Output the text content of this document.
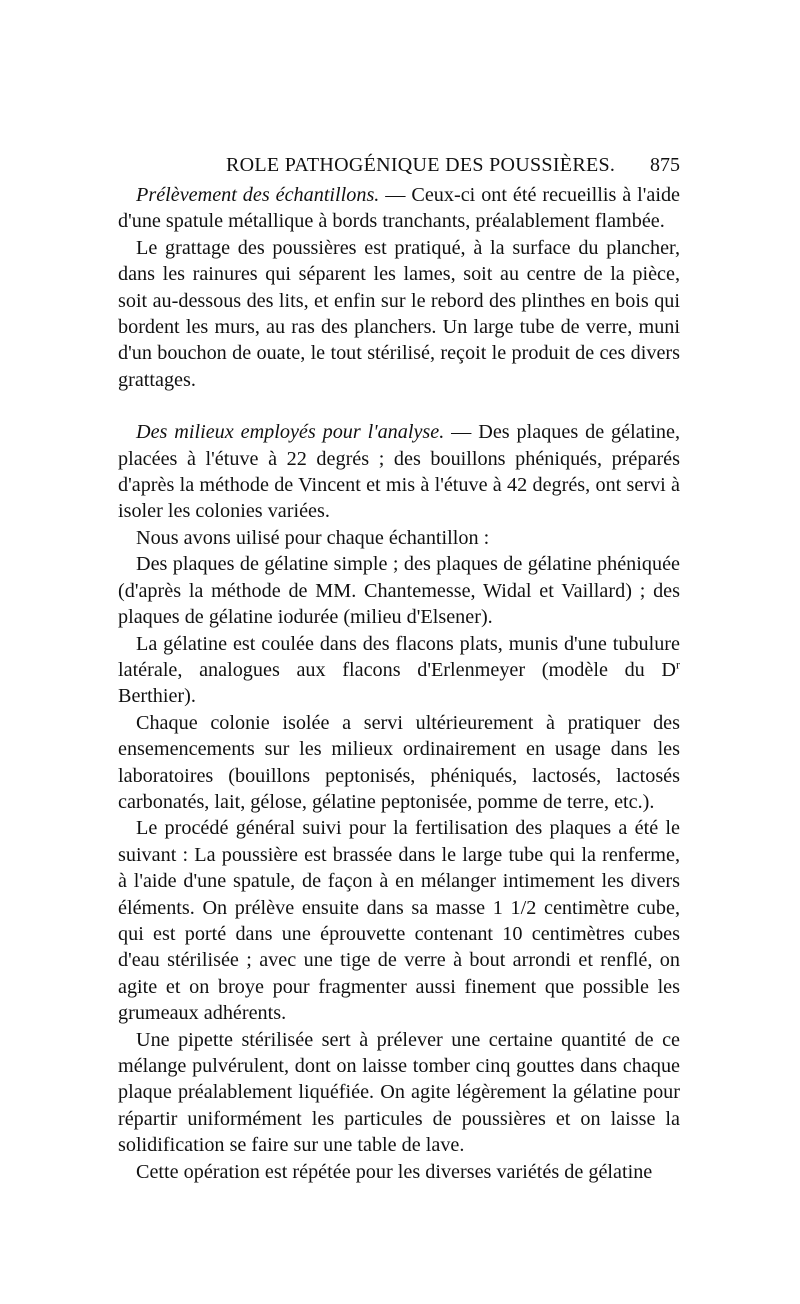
ROLE PATHOGÉNIQUE DES POUSSIÈRES. 875

Prélèvement des échantillons. — Ceux-ci ont été recueillis à l'aide d'une spatule métallique à bords tranchants, préalablement flambée.

Le grattage des poussières est pratiqué, à la surface du plancher, dans les rainures qui séparent les lames, soit au centre de la pièce, soit au-dessous des lits, et enfin sur le rebord des plinthes en bois qui bordent les murs, au ras des planchers. Un large tube de verre, muni d'un bouchon de ouate, le tout stérilisé, reçoit le produit de ces divers grattages.

Des milieux employés pour l'analyse. — Des plaques de gélatine, placées à l'étuve à 22 degrés ; des bouillons phéniqués, préparés d'après la méthode de Vincent et mis à l'étuve à 42 degrés, ont servi à isoler les colonies variées.

Nous avons uilisé pour chaque échantillon :

Des plaques de gélatine simple ; des plaques de gélatine phéniquée (d'après la méthode de MM. Chantemesse, Widal et Vaillard) ; des plaques de gélatine iodurée (milieu d'Elsener).

La gélatine est coulée dans des flacons plats, munis d'une tubulure latérale, analogues aux flacons d'Erlenmeyer (modèle du $D^r$ Berthier).

Chaque colonie isolée a servi ultérieurement à pratiquer des ensemencements sur les milieux ordinairement en usage dans les laboratoires (bouillons peptonisés, phéniqués, lactosés, lactosés carbonatés, lait, gélose, gélatine peptonisée, pomme de terre, etc.).

Le procédé général suivi pour la fertilisation des plaques a été le suivant : La poussière est brassée dans le large tube qui la renferme, à l'aide d'une spatule, de façon à en mélanger intimement les divers éléments. On prélève ensuite dans sa masse 1 1/2 centimètre cube, qui est porté dans une éprouvette contenant 10 centimètres cubes d'eau stérilisée ; avec une tige de verre à bout arrondi et renflé, on agite et on broye pour fragmenter aussi finement que possible les grumeaux adhérents.

Une pipette stérilisée sert à prélever une certaine quantité de ce mélange pulvérulent, dont on laisse tomber cinq gouttes dans chaque plaque préalablement liquéfiée. On agite légèrement la gélatine pour répartir uniformément les particules de poussières et on laisse la solidification se faire sur une table de lave.

Cette opération est répétée pour les diverses variétés de gélatine
